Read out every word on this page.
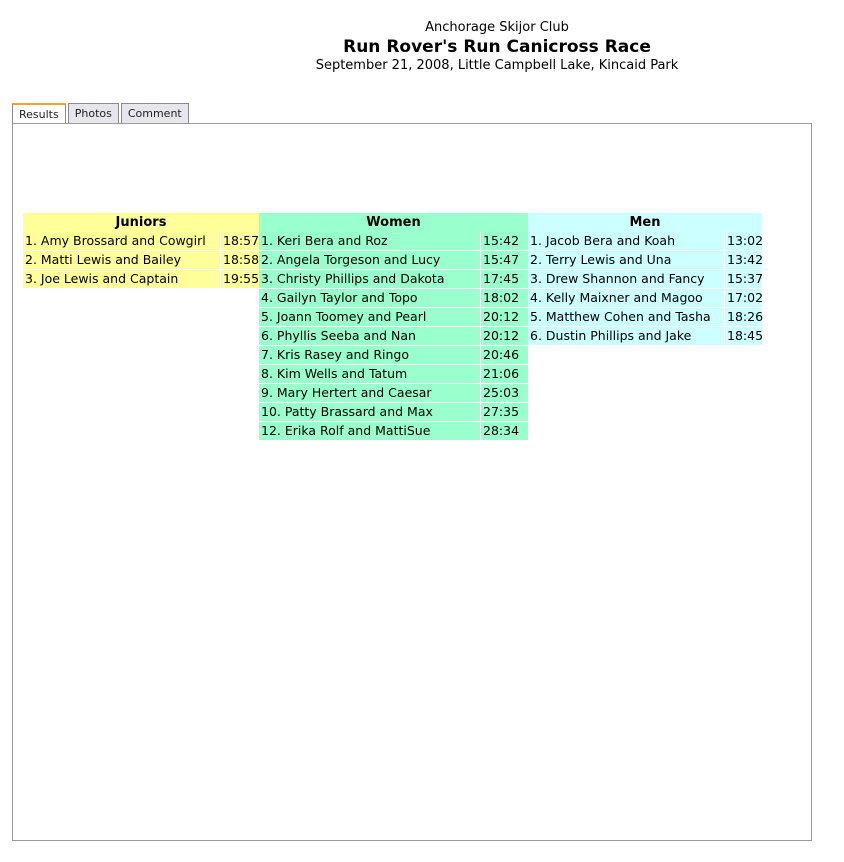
Anchorage Skijor Club
Run Rover's Run Canicross Race
September 21, 2008, Little Campbell Lake, Kincaid Park
Results	Photos	Comment
Juniors
1. Amy Brossard and Cowgirl	18:57
2. Matti Lewis and Bailey	18:58
3. Joe Lewis and Captain	19:55
Women
1. Keri Bera and Roz	15:42
2. Angela Torgeson and Lucy	15:47
3. Christy Phillips and Dakota	17:45
4. Gailyn Taylor and Topo	18:02
5. Joann Toomey and Pearl	20:12
6. Phyllis Seeba and Nan	20:12
7. Kris Rasey and Ringo	20:46
8. Kim Wells and Tatum	21:06
9. Mary Hertert and Caesar	25:03
10. Patty Brassard and Max	27:35
12. Erika Rolf and MattiSue	28:34
Men
1. Jacob Bera and Koah	13:02
2. Terry Lewis and Una	13:42
3. Drew Shannon and Fancy	15:37
4. Kelly Maixner and Magoo	17:02
5. Matthew Cohen and Tasha	18:26
6. Dustin Phillips and Jake	18:45
